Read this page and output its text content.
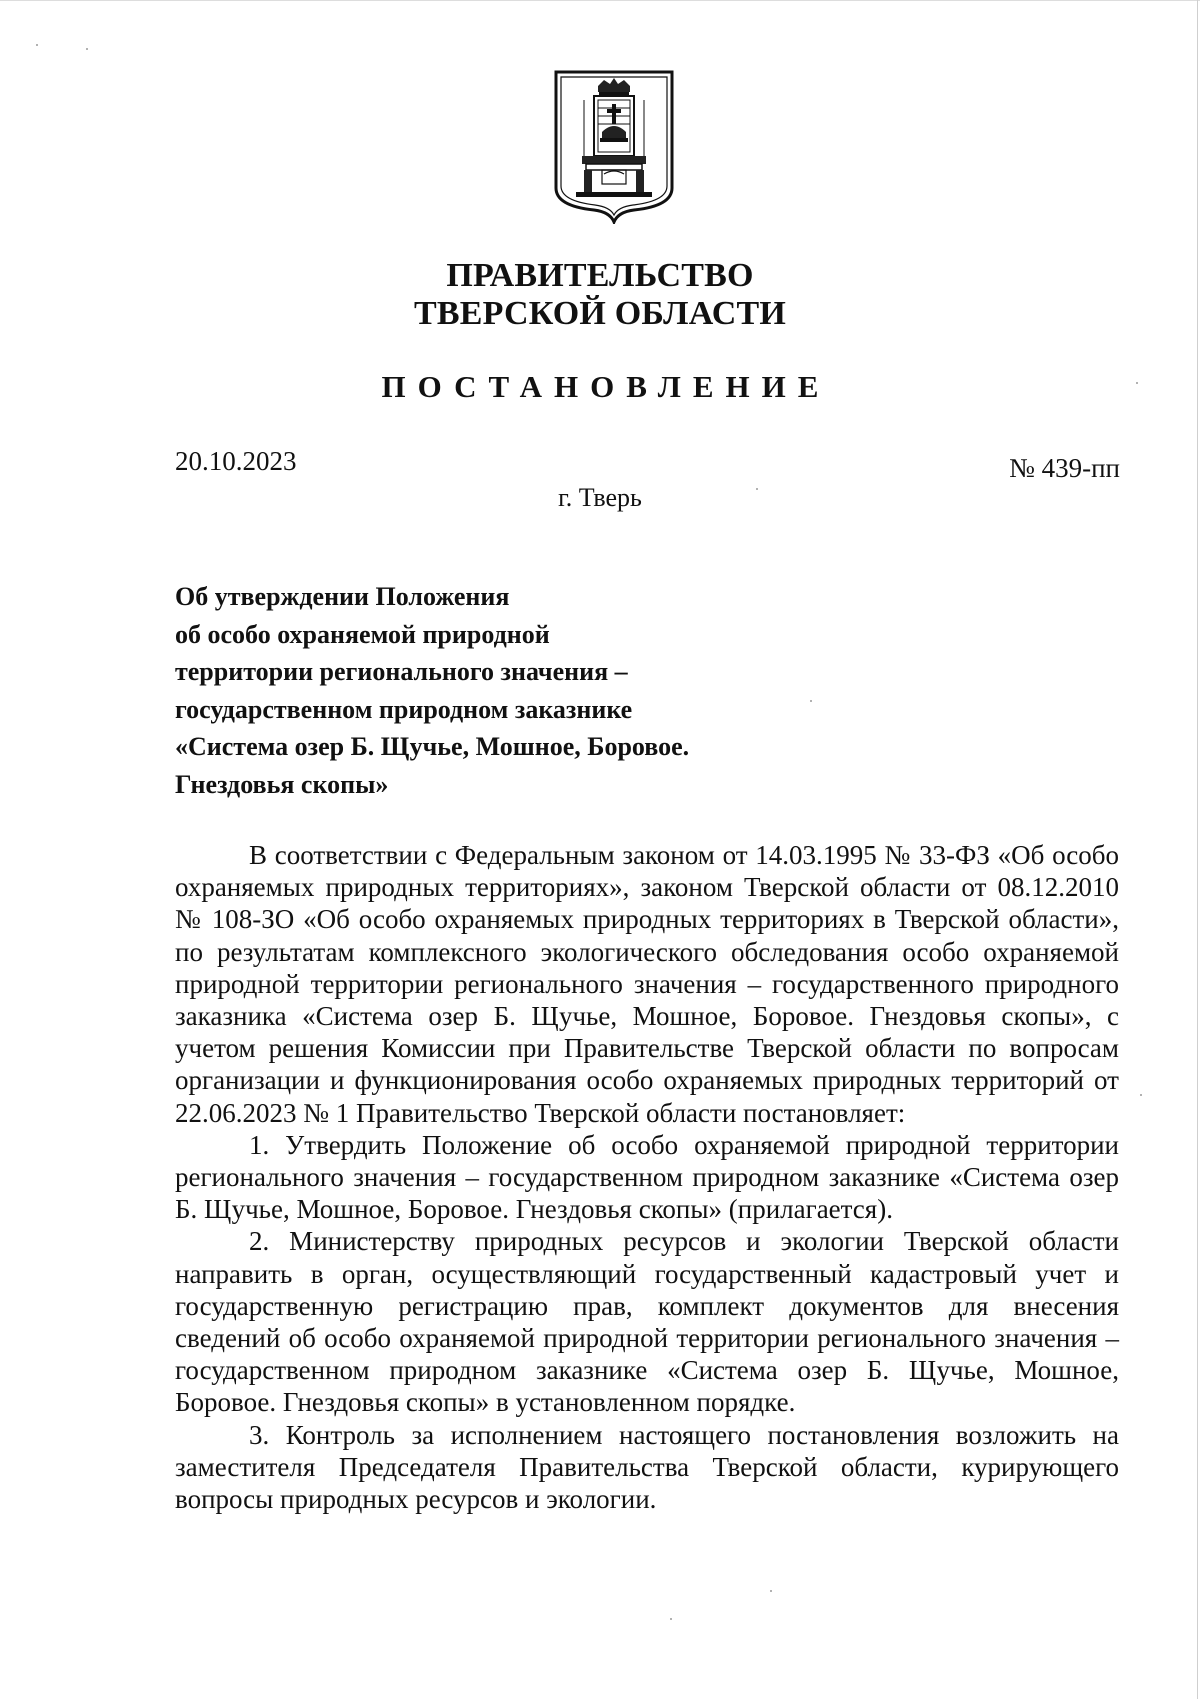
ПРАВИТЕЛЬСТВО
ТВЕРСКОЙ ОБЛАСТИ
ПОСТАНОВЛЕНИЕ
20.10.2023	№ 439-пп
г. Тверь
Об утверждении Положения
об особо охраняемой природной
территории регионального значения –
государственном природном заказнике
«Система озер Б. Щучье, Мошное, Боровое.
Гнездовья скопы»

В соответствии с Федеральным законом от 14.03.1995 № 33-ФЗ «Об особо охраняемых природных территориях», законом Тверской области от 08.12.2010 № 108-ЗО «Об особо охраняемых природных территориях в Тверской области», по результатам комплексного экологического обследования особо охраняемой природной территории регионального значения – государственного природного заказника «Система озер Б. Щучье, Мошное, Боровое. Гнездовья скопы», с учетом решения Комиссии при Правительстве Тверской области по вопросам организации и функционирования особо охраняемых природных территорий от 22.06.2023 № 1 Правительство Тверской области постановляет:

1. Утвердить Положение об особо охраняемой природной территории регионального значения – государственном природном заказнике «Система озер Б. Щучье, Мошное, Боровое. Гнездовья скопы» (прилагается).

2. Министерству природных ресурсов и экологии Тверской области направить в орган, осуществляющий государственный кадастровый учет и государственную регистрацию прав, комплект документов для внесения сведений об особо охраняемой природной территории регионального значения – государственном природном заказнике «Система озер Б. Щучье, Мошное, Боровое. Гнездовья скопы» в установленном порядке.

3. Контроль за исполнением настоящего постановления возложить на заместителя Председателя Правительства Тверской области, курирующего вопросы природных ресурсов и экологии.
